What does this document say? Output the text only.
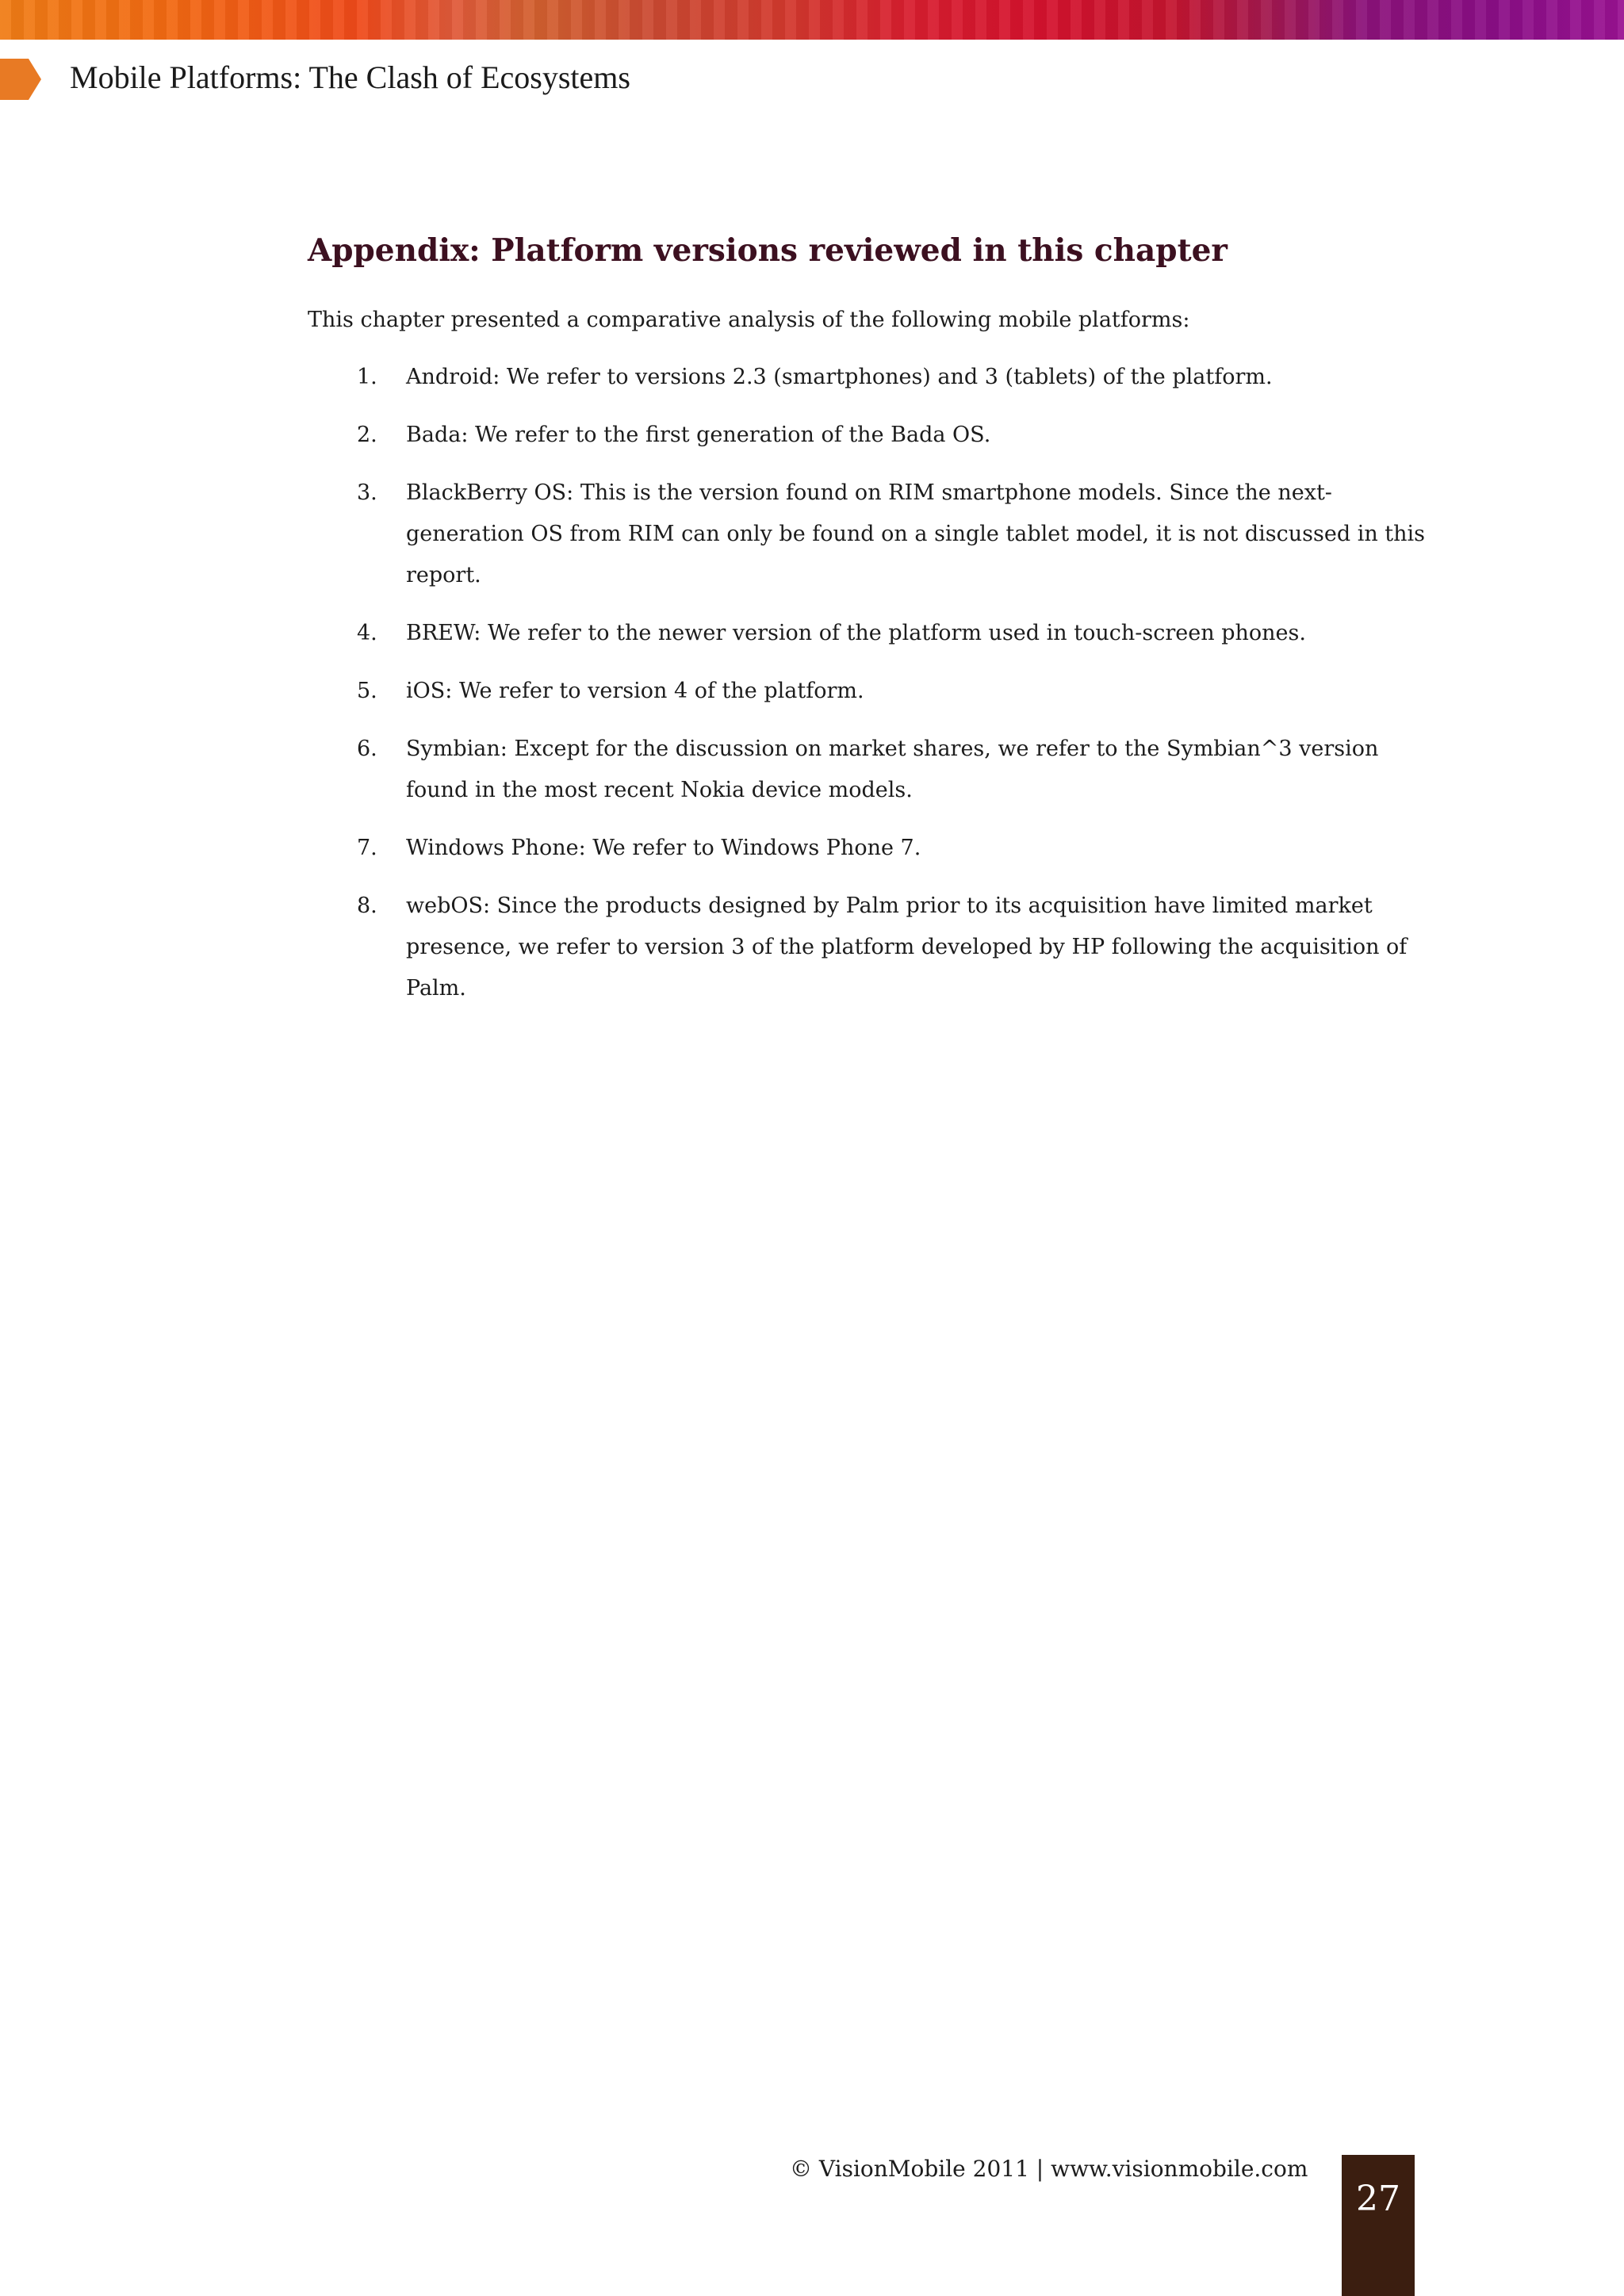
Mobile Platforms: The Clash of Ecosystems
Appendix: Platform versions reviewed in this chapter

This chapter presented a comparative analysis of the following mobile platforms:

1. Android: We refer to versions 2.3 (smartphones) and 3 (tablets) of the platform.
2. Bada: We refer to the first generation of the Bada OS.
3. BlackBerry OS: This is the version found on RIM smartphone models. Since the next-generation OS from RIM can only be found on a single tablet model, it is not discussed in this report.
4. BREW: We refer to the newer version of the platform used in touch-screen phones.
5. iOS: We refer to version 4 of the platform.
6. Symbian: Except for the discussion on market shares, we refer to the Symbian^3 version found in the most recent Nokia device models.
7. Windows Phone: We refer to Windows Phone 7.
8. webOS: Since the products designed by Palm prior to its acquisition have limited market presence, we refer to version 3 of the platform developed by HP following the acquisition of Palm.
© VisionMobile 2011 | www.visionmobile.com
27
